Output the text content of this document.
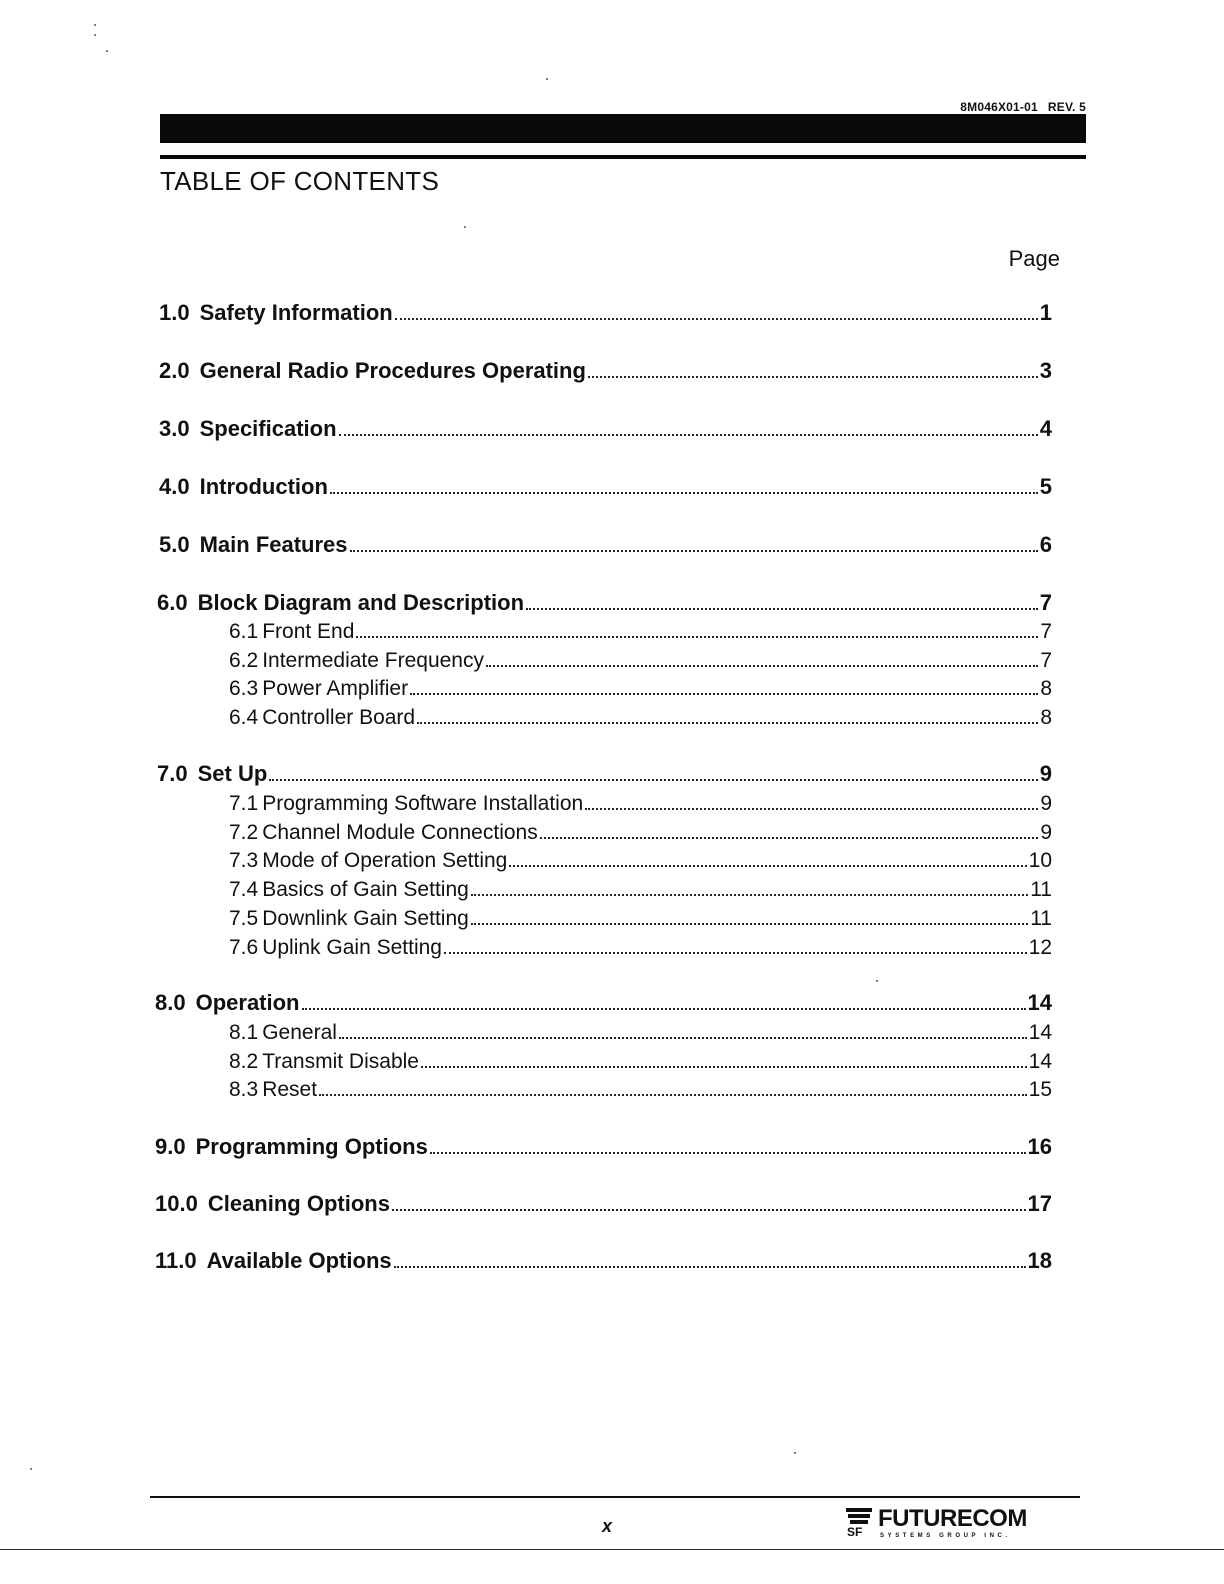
8M046X01-01 REV. 5
TABLE OF CONTENTS
Page
1.0 Safety Information	1
2.0 General Radio Procedures Operating	3
3.0 Specification	4
4.0 Introduction	5
5.0 Main Features	6
6.0 Block Diagram and Description	7
6.1 Front End	7
6.2 Intermediate Frequency	7
6.3 Power Amplifier	8
6.4 Controller Board	8
7.0 Set Up	9
7.1 Programming Software Installation	9
7.2 Channel Module Connections	9
7.3 Mode of Operation Setting	10
7.4 Basics of Gain Setting	11
7.5 Downlink Gain Setting	11
7.6 Uplink Gain Setting	12
8.0 Operation	14
8.1 General	14
8.2 Transmit Disable	14
8.3 Reset	15
9.0 Programming Options	16
10.0 Cleaning Options	17
11.0 Available Options	18
x	SF FUTURECOM
SYSTEMS GROUP INC.
